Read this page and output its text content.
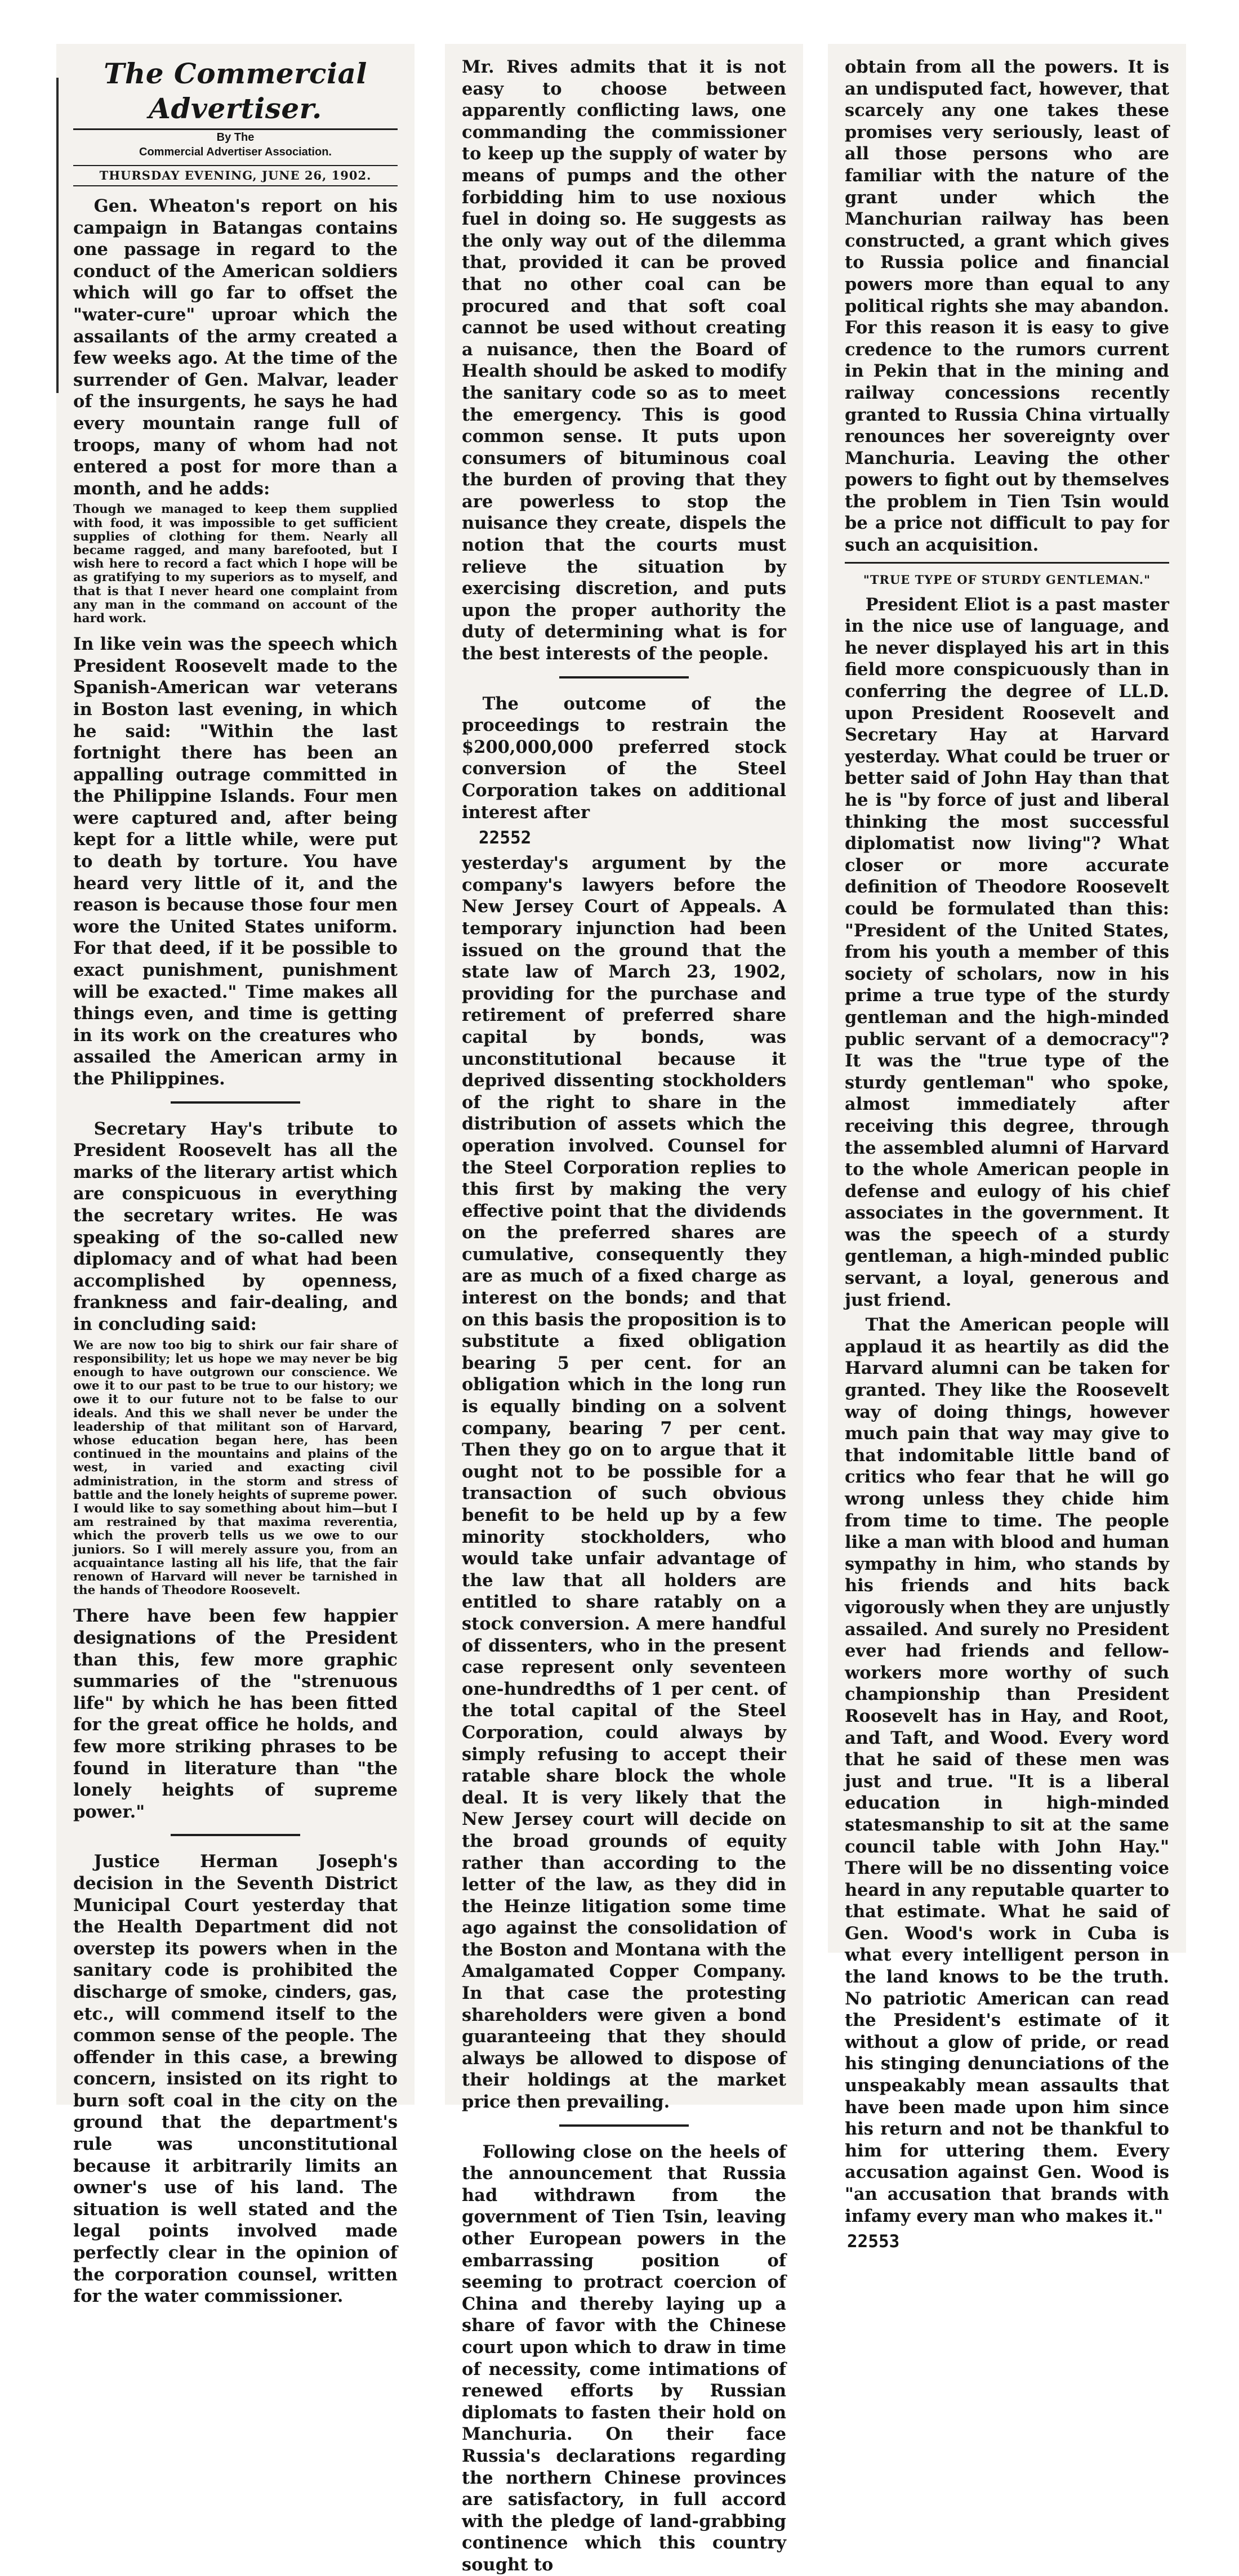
The Commercial Advertiser.
By The
Commercial Advertiser Association.
THURSDAY EVENING, JUNE 26, 1902.

Gen. Wheaton's report on his campaign in Batangas contains one passage in regard to the conduct of the American soldiers which will go far to offset the "water-cure" uproar which the assailants of the army created a few weeks ago. At the time of the surrender of Gen. Malvar, leader of the insurgents, he says he had every mountain range full of troops, many of whom had not entered a post for more than a month, and he adds:

Though we managed to keep them supplied with food, it was impossible to get sufficient supplies of clothing for them. Nearly all became ragged, and many barefooted, but I wish here to record a fact which I hope will be as gratifying to my superiors as to myself, and that is that I never heard one complaint from any man in the command on account of the hard work.

In like vein was the speech which President Roosevelt made to the Spanish-American war veterans in Boston last evening, in which he said: "Within the last fortnight there has been an appalling outrage committed in the Philippine Islands. Four men were captured and, after being kept for a little while, were put to death by torture. You have heard very little of it, and the reason is because those four men wore the United States uniform. For that deed, if it be possible to exact punishment, punishment will be exacted." Time makes all things even, and time is getting in its work on the creatures who assailed the American army in the Philippines.

Secretary Hay's tribute to President Roosevelt has all the marks of the literary artist which are conspicuous in everything the secretary writes. He was speaking of the so-called new diplomacy and of what had been accomplished by openness, frankness and fair-dealing, and in concluding said:

We are now too big to shirk our fair share of responsibility; let us hope we may never be big enough to have outgrown our conscience. We owe it to our past to be true to our history; we owe it to our future not to be false to our ideals. And this we shall never be under the leadership of that militant son of Harvard, whose education began here, has been continued in the mountains and plains of the west, in varied and exacting civil administration, in the storm and stress of battle and the lonely heights of supreme power. I would like to say something about him—but I am restrained by that maxima reverentia, which the proverb tells us we owe to our juniors. So I will merely assure you, from an acquaintance lasting all his life, that the fair renown of Harvard will never be tarnished in the hands of Theodore Roosevelt.

There have been few happier designations of the President than this, few more graphic summaries of the "strenuous life" by which he has been fitted for the great office he holds, and few more striking phrases to be found in literature than "the lonely heights of supreme power."

Justice Herman Joseph's decision in the Seventh District Municipal Court yesterday that the Health Department did not overstep its powers when in the sanitary code is prohibited the discharge of smoke, cinders, gas, etc., will commend itself to the common sense of the people. The offender in this case, a brewing concern, insisted on its right to burn soft coal in the city on the ground that the department's rule was unconstitutional because it arbitrarily limits an owner's use of his land. The situation is well stated and the legal points involved made perfectly clear in the opinion of the corporation counsel, written for the water commissioner.

Mr. Rives admits that it is not easy to choose between apparently conflicting laws, one commanding the commissioner to keep up the supply of water by means of pumps and the other forbidding him to use noxious fuel in doing so. He suggests as the only way out of the dilemma that, provided it can be proved that no other coal can be procured and that soft coal cannot be used without creating a nuisance, then the Board of Health should be asked to modify the sanitary code so as to meet the emergency. This is good common sense. It puts upon consumers of bituminous coal the burden of proving that they are powerless to stop the nuisance they create, dispels the notion that the courts must relieve the situation by exercising discretion, and puts upon the proper authority the duty of determining what is for the best interests of the people.

The outcome of the proceedings to restrain the $200,000,000 preferred stock conversion of the Steel Corporation takes on additional interest after

22552

yesterday's argument by the company's lawyers before the New Jersey Court of Appeals. A temporary injunction had been issued on the ground that the state law of March 23, 1902, providing for the purchase and retirement of preferred share capital by bonds, was unconstitutional because it deprived dissenting stockholders of the right to share in the distribution of assets which the operation involved. Counsel for the Steel Corporation replies to this first by making the very effective point that the dividends on the preferred shares are cumulative, consequently they are as much of a fixed charge as interest on the bonds; and that on this basis the proposition is to substitute a fixed obligation bearing 5 per cent. for an obligation which in the long run is equally binding on a solvent company, bearing 7 per cent. Then they go on to argue that it ought not to be possible for a transaction of such obvious benefit to be held up by a few minority stockholders, who would take unfair advantage of the law that all holders are entitled to share ratably on a stock conversion. A mere handful of dissenters, who in the present case represent only seventeen one-hundredths of 1 per cent. of the total capital of the Steel Corporation, could always by simply refusing to accept their ratable share block the whole deal. It is very likely that the New Jersey court will decide on the broad grounds of equity rather than according to the letter of the law, as they did in the Heinze litigation some time ago against the consolidation of the Boston and Montana with the Amalgamated Copper Company. In that case the protesting shareholders were given a bond guaranteeing that they should always be allowed to dispose of their holdings at the market price then prevailing.

Following close on the heels of the announcement that Russia had withdrawn from the government of Tien Tsin, leaving other European powers in the embarrassing position of seeming to protract coercion of China and thereby laying up a share of favor with the Chinese court upon which to draw in time of necessity, come intimations of renewed efforts by Russian diplomats to fasten their hold on Manchuria. On their face Russia's declarations regarding the northern Chinese provinces are satisfactory, in full accord with the pledge of land-grabbing continence which this country sought to

obtain from all the powers. It is an undisputed fact, however, that scarcely any one takes these promises very seriously, least of all those persons who are familiar with the nature of the grant under which the Manchurian railway has been constructed, a grant which gives to Russia police and financial powers more than equal to any political rights she may abandon. For this reason it is easy to give credence to the rumors current in Pekin that in the mining and railway concessions recently granted to Russia China virtually renounces her sovereignty over Manchuria. Leaving the other powers to fight out by themselves the problem in Tien Tsin would be a price not difficult to pay for such an acquisition.

"TRUE TYPE OF STURDY GENTLEMAN."

President Eliot is a past master in the nice use of language, and he never displayed his art in this field more conspicuously than in conferring the degree of LL.D. upon President Roosevelt and Secretary Hay at Harvard yesterday. What could be truer or better said of John Hay than that he is "by force of just and liberal thinking the most successful diplomatist now living"? What closer or more accurate definition of Theodore Roosevelt could be formulated than this: "President of the United States, from his youth a member of this society of scholars, now in his prime a true type of the sturdy gentleman and the high-minded public servant of a democracy"? It was the "true type of the sturdy gentleman" who spoke, almost immediately after receiving this degree, through the assembled alumni of Harvard to the whole American people in defense and eulogy of his chief associates in the government. It was the speech of a sturdy gentleman, a high-minded public servant, a loyal, generous and just friend.

That the American people will applaud it as heartily as did the Harvard alumni can be taken for granted. They like the Roosevelt way of doing things, however much pain that way may give to that indomitable little band of critics who fear that he will go wrong unless they chide him from time to time. The people like a man with blood and human sympathy in him, who stands by his friends and hits back vigorously when they are unjustly assailed. And surely no President ever had friends and fellow-workers more worthy of such championship than President Roosevelt has in Hay, and Root, and Taft, and Wood. Every word that he said of these men was just and true. "It is a liberal education in high-minded statesmanship to sit at the same council table with John Hay." There will be no dissenting voice heard in any reputable quarter to that estimate. What he said of Gen. Wood's work in Cuba is what every intelligent person in the land knows to be the truth. No patriotic American can read the President's estimate of it without a glow of pride, or read his stinging denunciations of the unspeakably mean assaults that have been made upon him since his return and not be thankful to him for uttering them. Every accusation against Gen. Wood is "an accusation that brands with infamy every man who makes it."

22553
